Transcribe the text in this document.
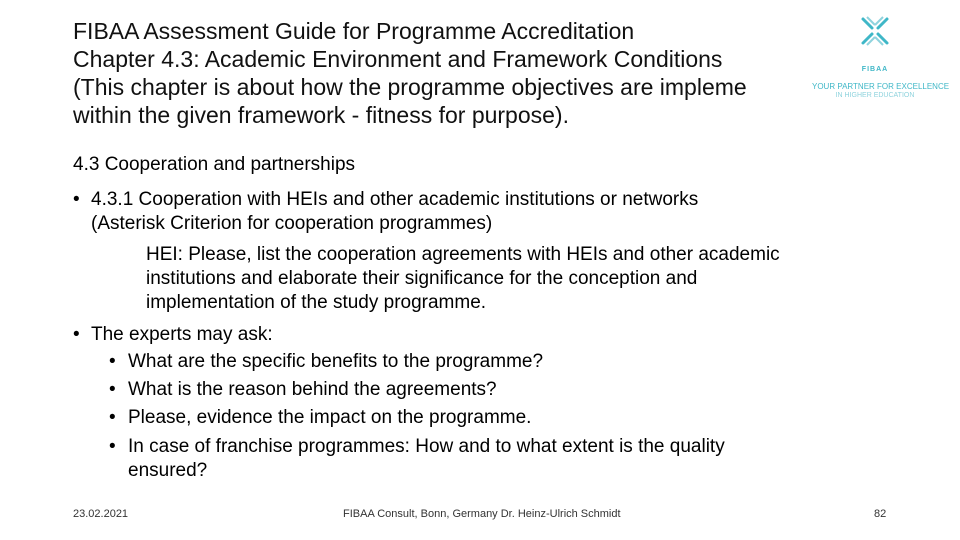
FIBAA Assessment Guide for Programme Accreditation
Chapter 4.3: Academic Environment and Framework Conditions
(This chapter is about how the programme objectives are impleme
within the given framework - fitness for purpose).
FIBAA
YOUR PARTNER FOR EXCELLENCE
IN HIGHER EDUCATION
4.3 Cooperation and partnerships
• 4.3.1 Cooperation with HEIs and other academic institutions or networks
(Asterisk Criterion for cooperation programmes)
HEI: Please, list the cooperation agreements with HEIs and other academic
institutions and elaborate their significance for the conception and
implementation of the study programme.
• The experts may ask:
• What are the specific benefits to the programme?
• What is the reason behind the agreements?
• Please, evidence the impact on the programme.
• In case of franchise programmes: How and to what extent is the quality
ensured?
23.02.2021	FIBAA Consult, Bonn, Germany Dr. Heinz-Ulrich Schmidt	82
